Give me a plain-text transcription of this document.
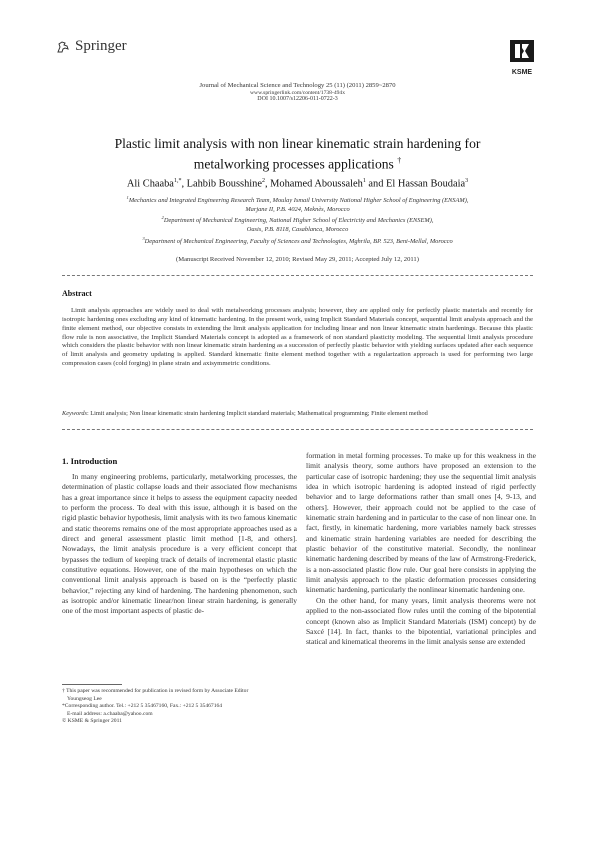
Springer
KSME
Journal of Mechanical Science and Technology 25 (11) (2011) 2859~2870
www.springerlink.com/content/1738-494x
DOI 10.1007/s12206-011-0722-3
Plastic limit analysis with non linear kinematic strain hardening for
metalworking processes applications †
Ali Chaaba$^{1,*}$, Lahbib Bousshine$^2$, Mohamed Aboussaleh$^1$ and El Hassan Boudaia$^3$
$^1$Mechanics and Integrated Engineering Research Team, Moulay Ismail University National Higher School of Engineering (ENSAM),
Marjane II, P.B. 4024, Meknès, Morocco
$^2$Department of Mechanical Engineering, National Higher School of Electricity and Mechanics (ENSEM),
Oasis, P.B. 8118, Casablanca, Morocco
$^3$Department of Mechanical Engineering, Faculty of Sciences and Technologies, Mghrila, BP. 523, Beni-Mellal, Morocco
(Manuscript Received November 12, 2010; Revised May 29, 2011; Accepted July 12, 2011)
Abstract
Limit analysis approaches are widely used to deal with metalworking processes analysis; however, they are applied only for perfectly plastic materials and recently for isotropic hardening ones excluding any kind of kinematic hardening. In the present work, using Implicit Standard Materials concept, sequential limit analysis approach and the finite element method, our objective consists in extending the limit analysis application for including linear and non linear kinematic strain hardenings. Because this plastic flow rule is non associative, the Implicit Standard Materials concept is adopted as a framework of non standard plasticity modeling. The sequential limit analysis procedure which considers the plastic behavior with non linear kinematic strain hardening as a succession of perfectly plastic behavior with yielding surfaces updated after each sequence of limit analysis and geometry updating is applied. Standard kinematic finite element method together with a regularization approach is used for performing two large compression cases (cold forging) in plane strain and axisymmetric conditions.
Keywords: Limit analysis; Non linear kinematic strain hardening Implicit standard materials; Mathematical programming; Finite element method
1. Introduction
In many engineering problems, particularly, metalworking processes, the determination of plastic collapse loads and their associated flow mechanisms has a great importance since it helps to assess the equipment capacity needed to perform the process. To deal with this issue, although it is based on the rigid plastic behavior hypothesis, limit analysis with its two famous kinematic and static theorems remains one of the most appropriate approaches used as a direct and general assessment plastic limit method [1-8, and others]. Nowadays, the limit analysis procedure is a very efficient concept that bypasses the tedium of keeping track of details of incremental elastic plastic constitutive equations. However, one of the main hypotheses on which the conventional limit analysis approach is based on is the “perfectly plastic behavior,” rejecting any kind of hardening. The hardening phenomenon, such as isotropic and/or kinematic linear/non linear strain hardening, is generally one of the most important aspects of plastic de-

formation in metal forming processes. To make up for this weakness in the limit analysis theory, some authors have proposed an extension to the particular case of isotropic hardening; they use the sequential limit analysis idea in which isotropic hardening is adopted instead of rigid perfectly behavior and to large deformations rather than small ones [4, 9-13, and others]. However, their approach could not be applied to the case of kinematic strain hardening and in particular to the case of non linear one. In fact, firstly, in kinematic hardening, more variables namely back stresses and kinematic strain hardening variables are needed for describing the plastic behavior of the constitutive material. Secondly, the nonlinear kinematic hardening described by means of the law of Armstrong-Frederick, is a non-associated plastic flow rule. Our goal here consists in applying the limit analysis approach to the plastic deformation processes considering kinematic hardening, particularly the nonlinear kinematic hardening one.

On the other hand, for many years, limit analysis theorems were not applied to the non-associated flow rules until the coming of the bipotential concept (known also as Implicit Standard Materials (ISM) concept) by de Saxcé [14]. In fact, thanks to the bipotential, variational principles and statical and kinematical theorems in the limit analysis sense are extended

† This paper was recommended for publication in revised form by Associate Editor
Youngseog Lee
*Corresponding author. Tel.: +212 5 35467160, Fax.: +212 5 35467164
E-mail address: a.chaaba@yahoo.com
© KSME & Springer 2011
